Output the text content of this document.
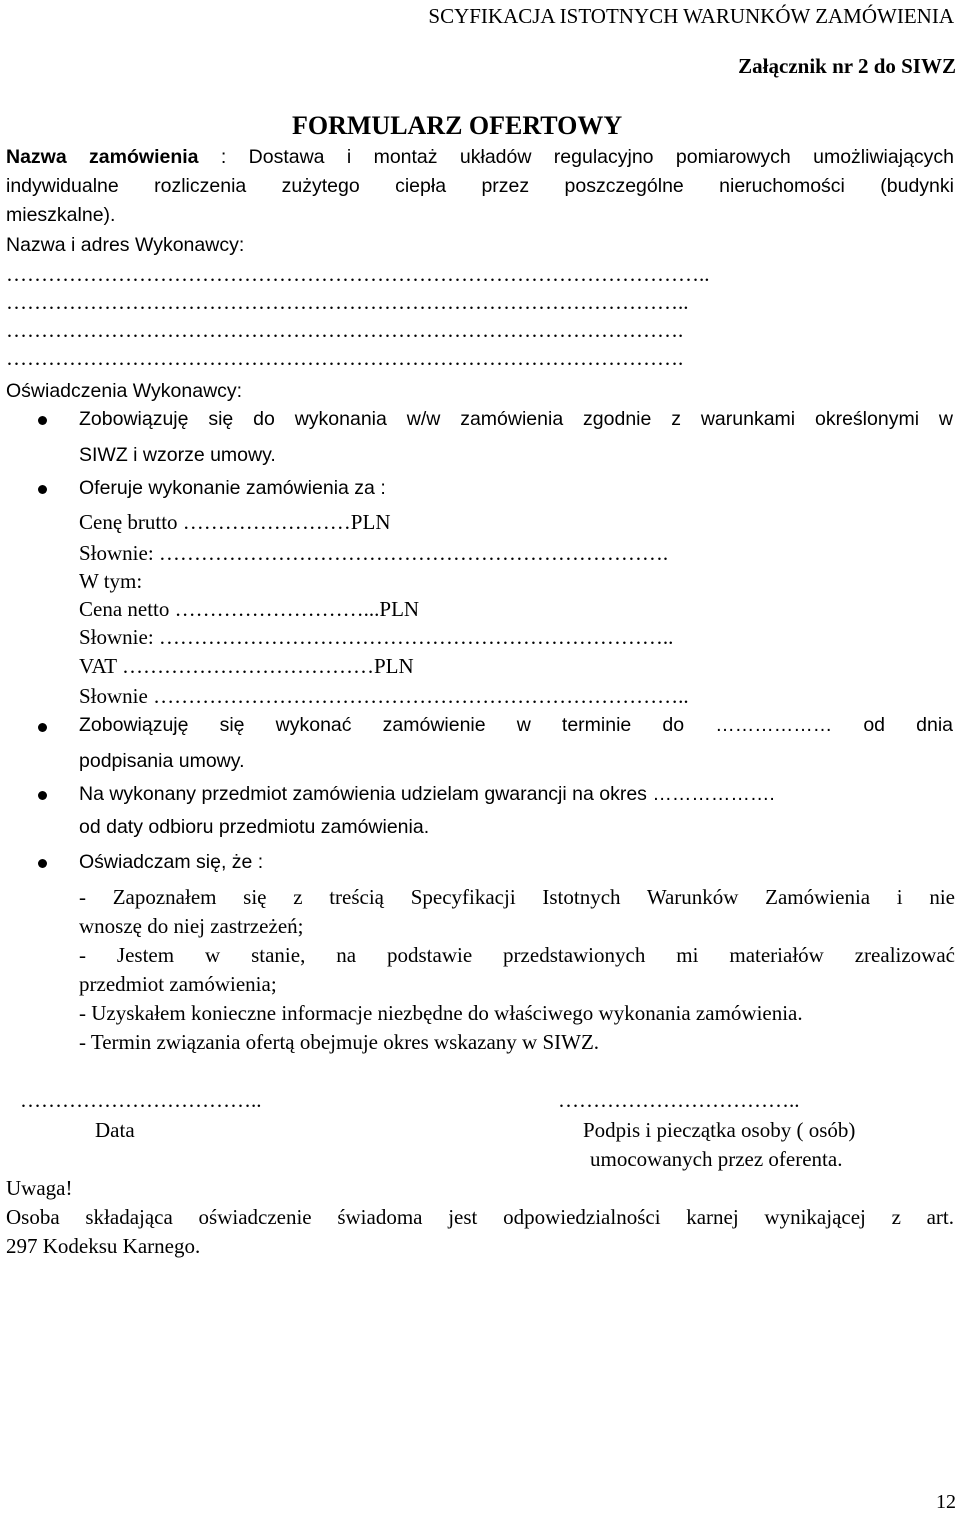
SCYFIKACJA ISTOTNYCH WARUNKÓW ZAMÓWIENIA
Załącznik nr 2 do SIWZ
FORMULARZ OFERTOWY
Nazwa zamówienia : Dostawa i montaż układów regulacyjno pomiarowych umożliwiających
indywidualne rozliczenia zużytego ciepła przez poszczególne nieruchomości (budynki
mieszkalne).
Nazwa i adres Wykonawcy:
………………………………………………………………………………………..
……………………………………………………………………………………..
…………………………………………………………………………………….
…………………………………………………………………………………….
Oświadczenia Wykonawcy:
Zobowiązuję się do wykonania w/w zamówienia zgodnie z warunkami określonymi w
SIWZ i wzorze umowy.
Oferuje wykonanie zamówienia za :
Cenę brutto ……………………PLN
Słownie: ……………………………………………………………….
W tym:
Cena netto ………………………...PLN
Słownie: ………………………………………………………………..
VAT ………………………………PLN
Słownie …………………………………………………………………..
Zobowiązuję się wykonać zamówienie w terminie do ……………… od dnia
podpisania umowy.
Na wykonany przedmiot zamówienia udzielam gwarancji na okres ……………….
od daty odbioru przedmiotu zamówienia.
Oświadczam się, że :
- Zapoznałem się z treścią Specyfikacji Istotnych Warunków Zamówienia i nie
wnoszę do niej zastrzeżeń;
- Jestem w stanie, na podstawie przedstawionych mi materiałów zrealizować
przedmiot zamówienia;
- Uzyskałem konieczne informacje niezbędne do właściwego wykonania zamówienia.
- Termin związania ofertą obejmuje okres wskazany w SIWZ.
……………………………..
Data
……………………………..
Podpis i pieczątka osoby ( osób)
umocowanych przez oferenta.
Uwaga!
Osoba składająca oświadczenie świadoma jest odpowiedzialności karnej wynikającej z art.
297 Kodeksu Karnego.
12
